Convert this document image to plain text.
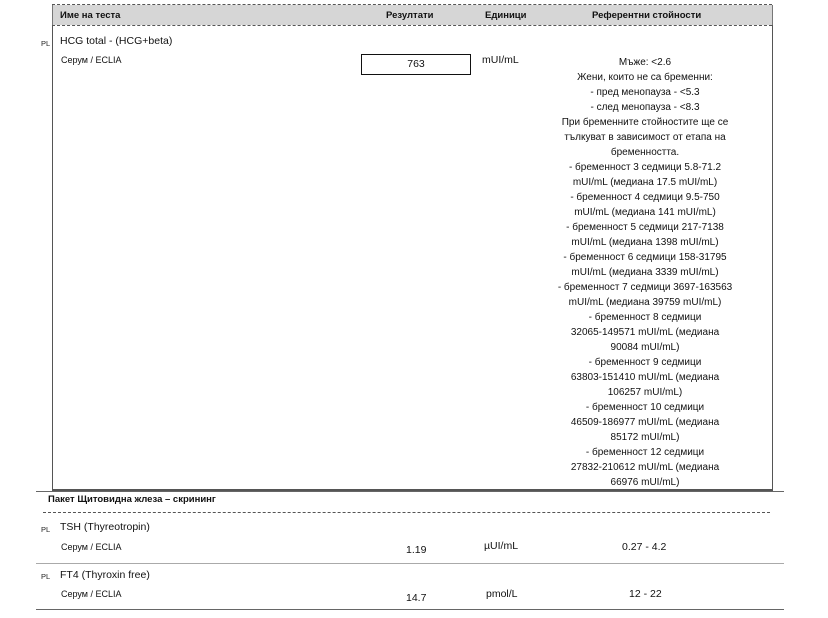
Име на теста	Резултати	Единици	Референтни стойности
PL HCG total - (HCG+beta)
Серум / ECLIA	763	mUI/mL	Мъже: <2.6
Жени, които не са бременни:
- пред менопауза - <5.3
- след менопауза - <8.3
При бременните стойностите ще се
тълкуват в зависимост от етапа на
бременността.
- бременност 3 седмици 5.8-71.2
mUI/mL (медиана 17.5 mUI/mL)
- бременност 4 седмици 9.5-750
mUI/mL (медиана 141 mUI/mL)
- бременност 5 седмици 217-7138
mUI/mL (медиана 1398 mUI/mL)
- бременност 6 седмици 158-31795
mUI/mL (медиана 3339 mUI/mL)
- бременност 7 седмици 3697-163563
mUI/mL (медиана 39759 mUI/mL)
- бременност 8 седмици
32065-149571 mUI/mL (медиана
90084 mUI/mL)
- бременност 9 седмици
63803-151410 mUI/mL (медиана
106257 mUI/mL)
- бременност 10 седмици
46509-186977 mUI/mL (медиана
85172 mUI/mL)
- бременност 12 седмици
27832-210612 mUI/mL (медиана
66976 mUI/mL)
Пакет Щитовидна жлеза – скрининг
PL TSH (Thyreotropin)
Серум / ECLIA	1.19	µUI/mL	0.27 - 4.2
PL FT4 (Thyroxin free)
Серум / ECLIA	14.7	pmol/L	12 - 22
